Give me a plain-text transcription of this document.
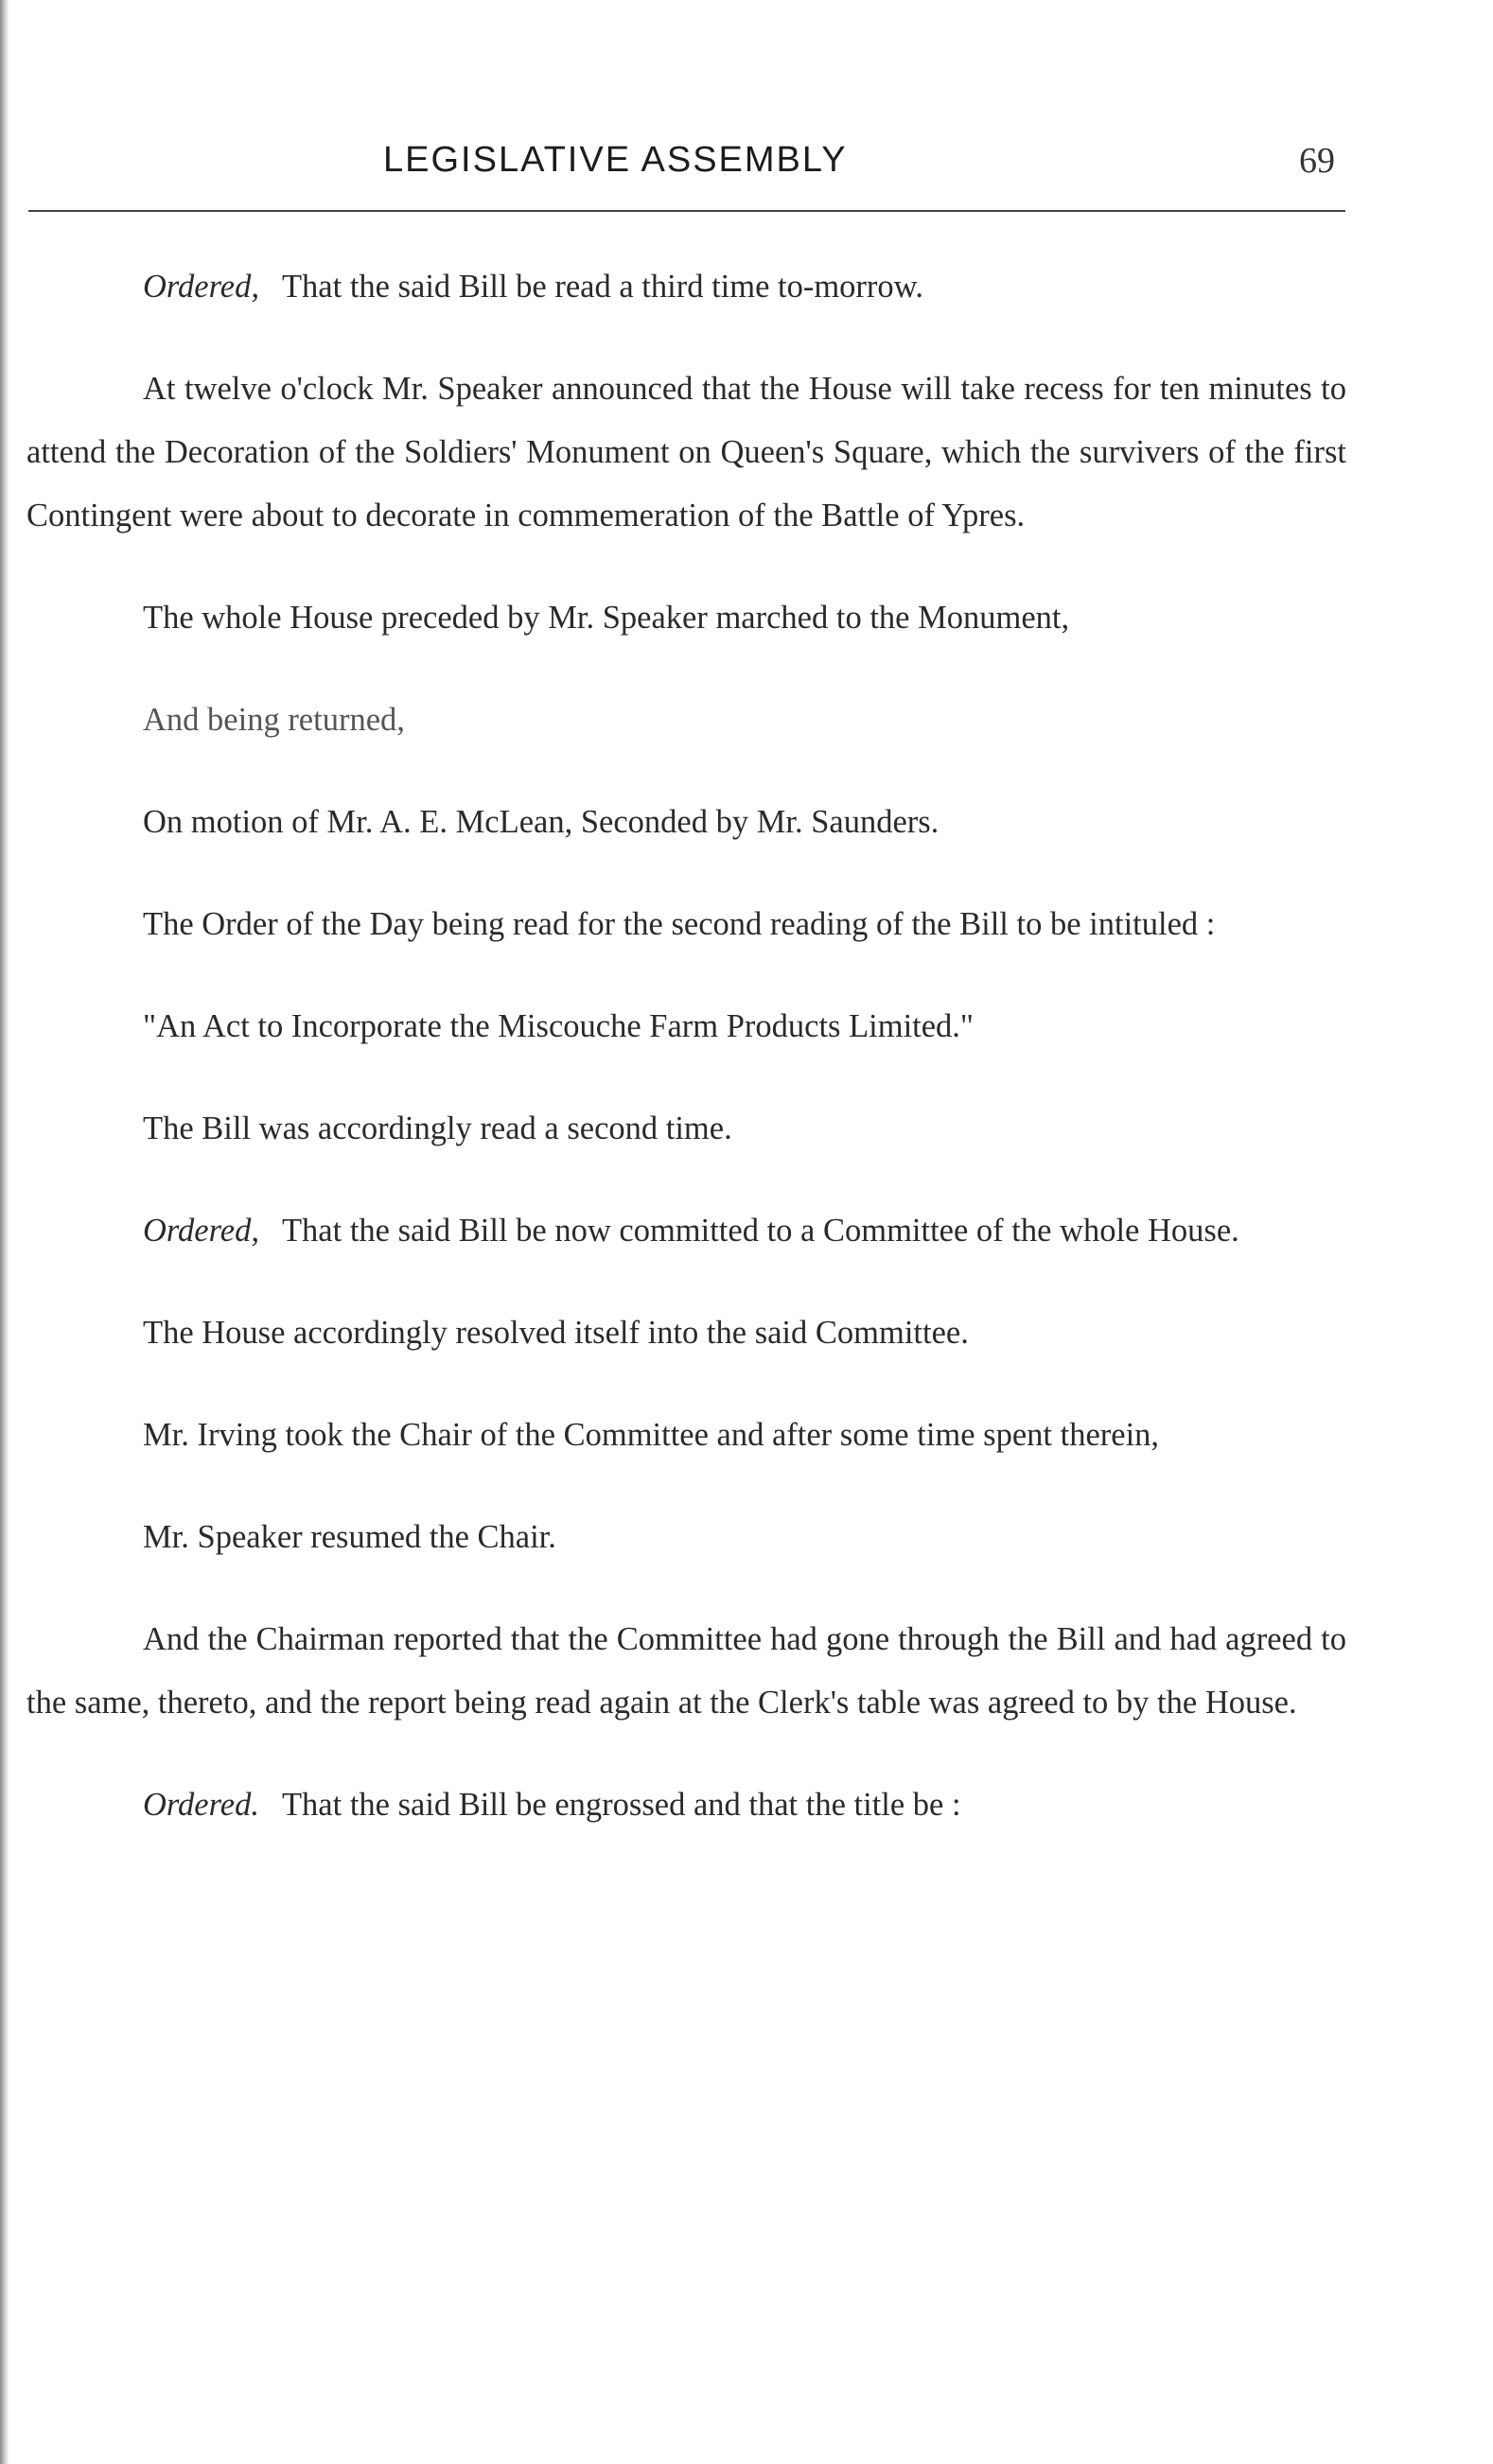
LEGISLATIVE ASSEMBLY	69

Ordered, That the said Bill be read a third time to-morrow.

At twelve o'clock Mr. Speaker announced that the House will take recess for ten minutes to attend the Decoration of the Soldiers' Monument on Queen's Square, which the survivers of the first Contingent were about to decorate in commemeration of the Battle of Ypres.

The whole House preceded by Mr. Speaker marched to the Monument,

And being returned,

On motion of Mr. A. E. McLean, Seconded by Mr. Saunders.

The Order of the Day being read for the second reading of the Bill to be intituled :

"An Act to Incorporate the Miscouche Farm Products Limited."

The Bill was accordingly read a second time.

Ordered, That the said Bill be now committed to a Committee of the whole House.

The House accordingly resolved itself into the said Committee.

Mr. Irving took the Chair of the Committee and after some time spent therein,

Mr. Speaker resumed the Chair.

And the Chairman reported that the Committee had gone through the Bill and had agreed to the same, thereto, and the report being read again at the Clerk's table was agreed to by the House.

Ordered. That the said Bill be engrossed and that the title be :
